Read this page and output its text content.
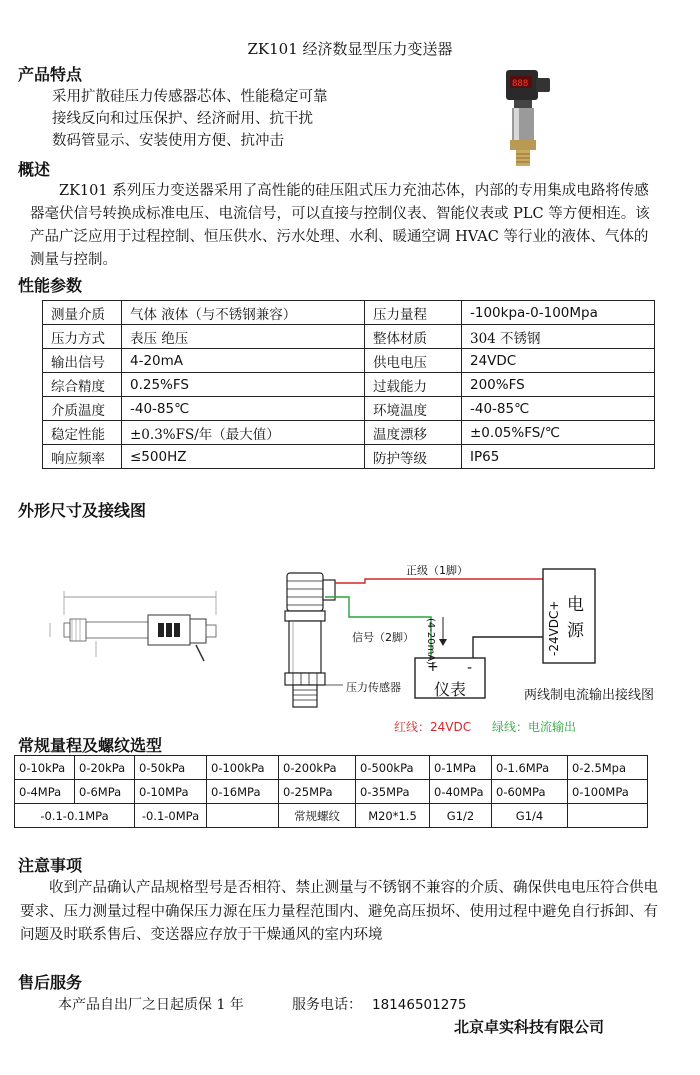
ZK101 经济数显型压力变送器
产品特点
采用扩散硅压力传感器芯体、性能稳定可靠
接线反向和过压保护、经济耐用、抗干扰
数码管显示、安装使用方便、抗冲击
888
概述
ZK101 系列压力变送器采用了高性能的硅压阻式压力充油芯体，内部的专用集成电路将传感器毫伏信号转换成标准电压、电流信号，可以直接与控制仪表、智能仪表或 PLC 等方便相连。该产品广泛应用于过程控制、恒压供水、污水处理、水利、暖通空调 HVAC 等行业的液体、气体的测量与控制。
性能参数
测量介质	气体 液体（与不锈钢兼容）	压力量程	-100kpa-0-100Mpa
压力方式	表压 绝压	整体材质	304 不锈钢
输出信号	4-20mA	供电电压	24VDC
综合精度	0.25%FS	过载能力	200%FS
介质温度	-40-85℃	环境温度	-40-85℃
稳定性能	±0.3%FS/年（最大值）	温度漂移	±0.05%FS/℃
响应频率	≤500HZ	防护等级	IP65
外形尺寸及接线图
正级（1脚）
信号（2脚） (4-20mA)
压力传感器
+ -
仪表
-24VDC+ 电
源
两线制电流输出接线图
红线：24VDC 绿线：电流输出
常规量程及螺纹选型
0-10kPa	0-20kPa	0-50kPa	0-100kPa	0-200kPa	0-500kPa	0-1MPa	0-1.6MPa	0-2.5Mpa
0-4MPa	0-6MPa	0-10MPa	0-16MPa	0-25MPa	0-35MPa	0-40MPa	0-60MPa	0-100MPa
-0.1-0.1MPa		-0.1-0MPa		常规螺纹	M20*1.5	G1/2	G1/4	
注意事项
收到产品确认产品规格型号是否相符、禁止测量与不锈钢不兼容的介质、确保供电电压符合供电要求、压力测量过程中确保压力源在压力量程范围内、避免高压损坏、使用过程中避免自行拆卸、有问题及时联系售后、变送器应存放于干燥通风的室内环境
售后服务
本产品自出厂之日起质保 1 年	服务电话： 18146501275
北京卓实科技有限公司
